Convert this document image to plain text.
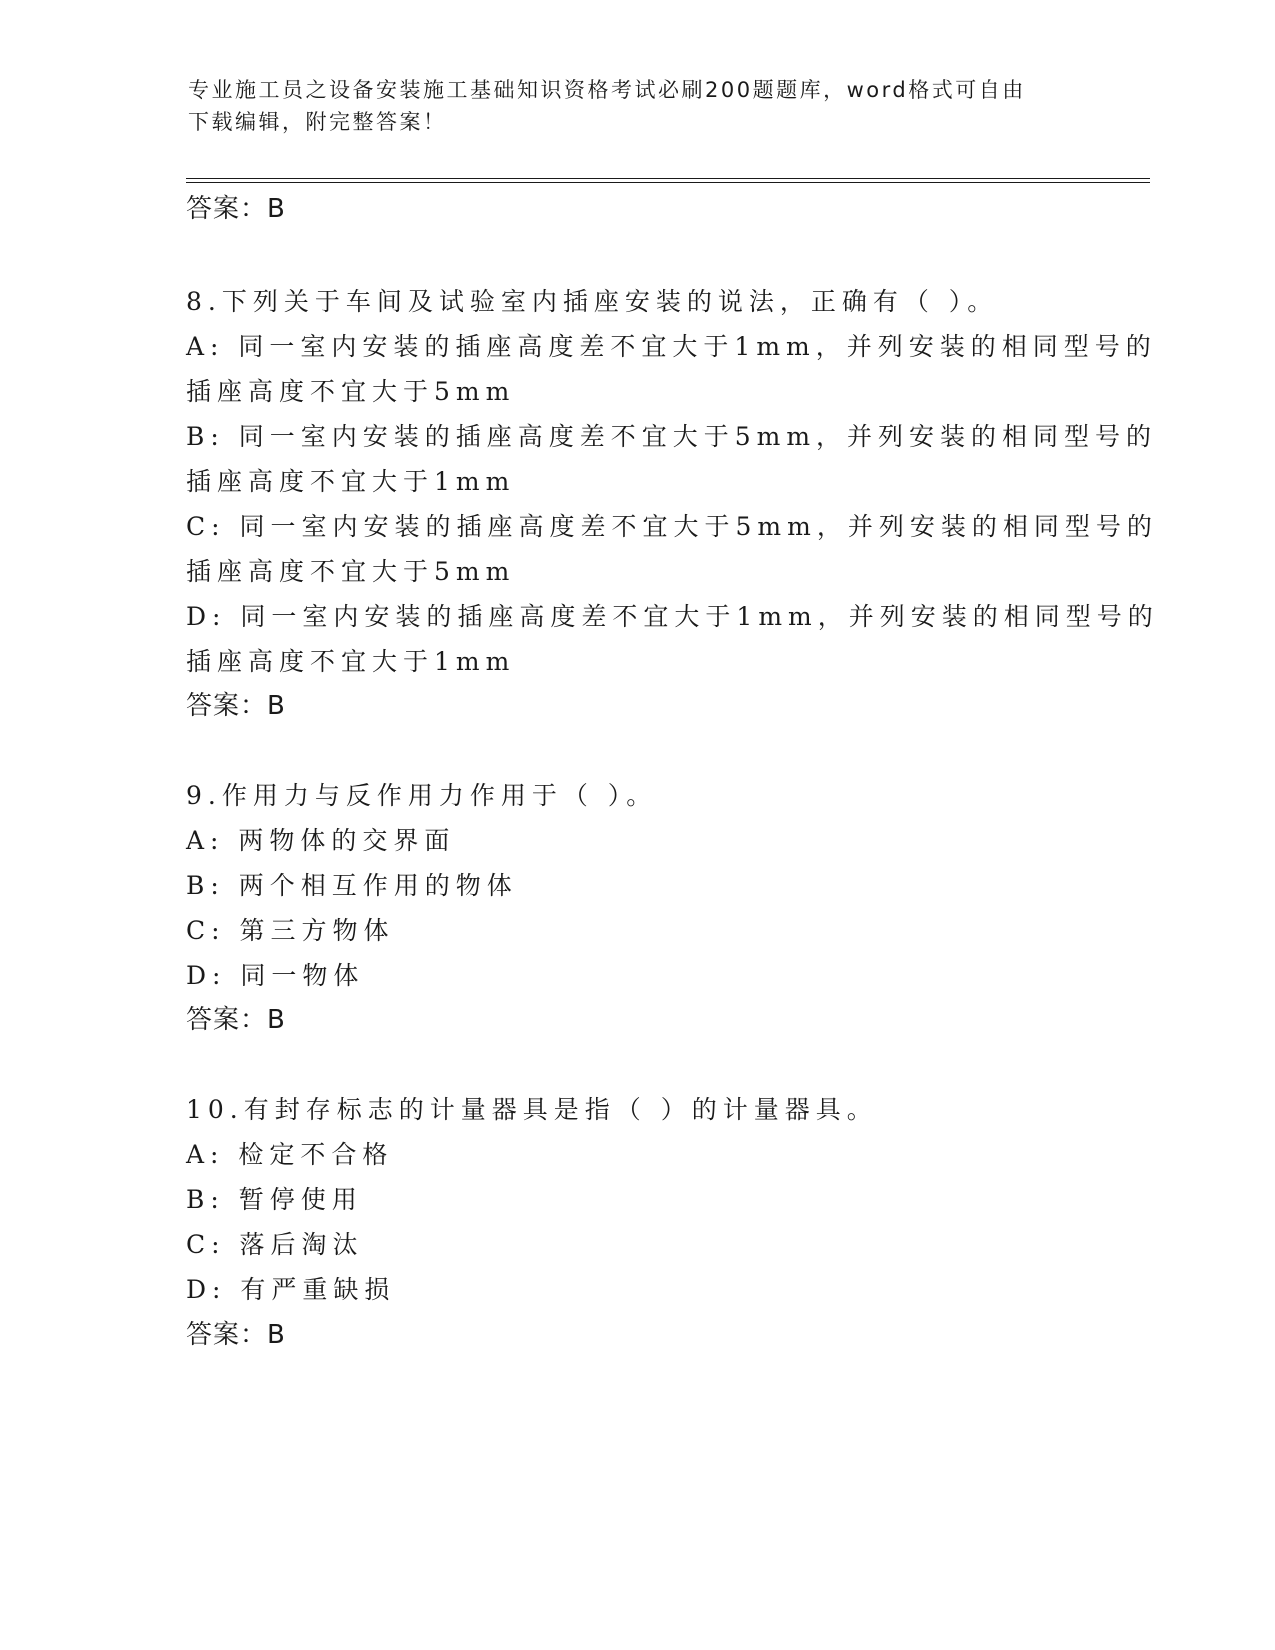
专业施工员之设备安装施工基础知识资格考试必刷200题题库，word格式可自由
下载编辑，附完整答案！
答案：B
8.下列关于车间及试验室内插座安装的说法，正确有（ ）。
A: 同一室内安装的插座高度差不宜大于1mm，并列安装的相同型号的
插座高度不宜大于5mm
B: 同一室内安装的插座高度差不宜大于5mm，并列安装的相同型号的
插座高度不宜大于1mm
C: 同一室内安装的插座高度差不宜大于5mm，并列安装的相同型号的
插座高度不宜大于5mm
D: 同一室内安装的插座高度差不宜大于1mm，并列安装的相同型号的
插座高度不宜大于1mm
答案：B
9.作用力与反作用力作用于（ ）。
A: 两物体的交界面
B: 两个相互作用的物体
C: 第三方物体
D: 同一物体
答案：B
10.有封存标志的计量器具是指（ ）的计量器具。
A: 检定不合格
B: 暂停使用
C: 落后淘汰
D: 有严重缺损
答案：B
